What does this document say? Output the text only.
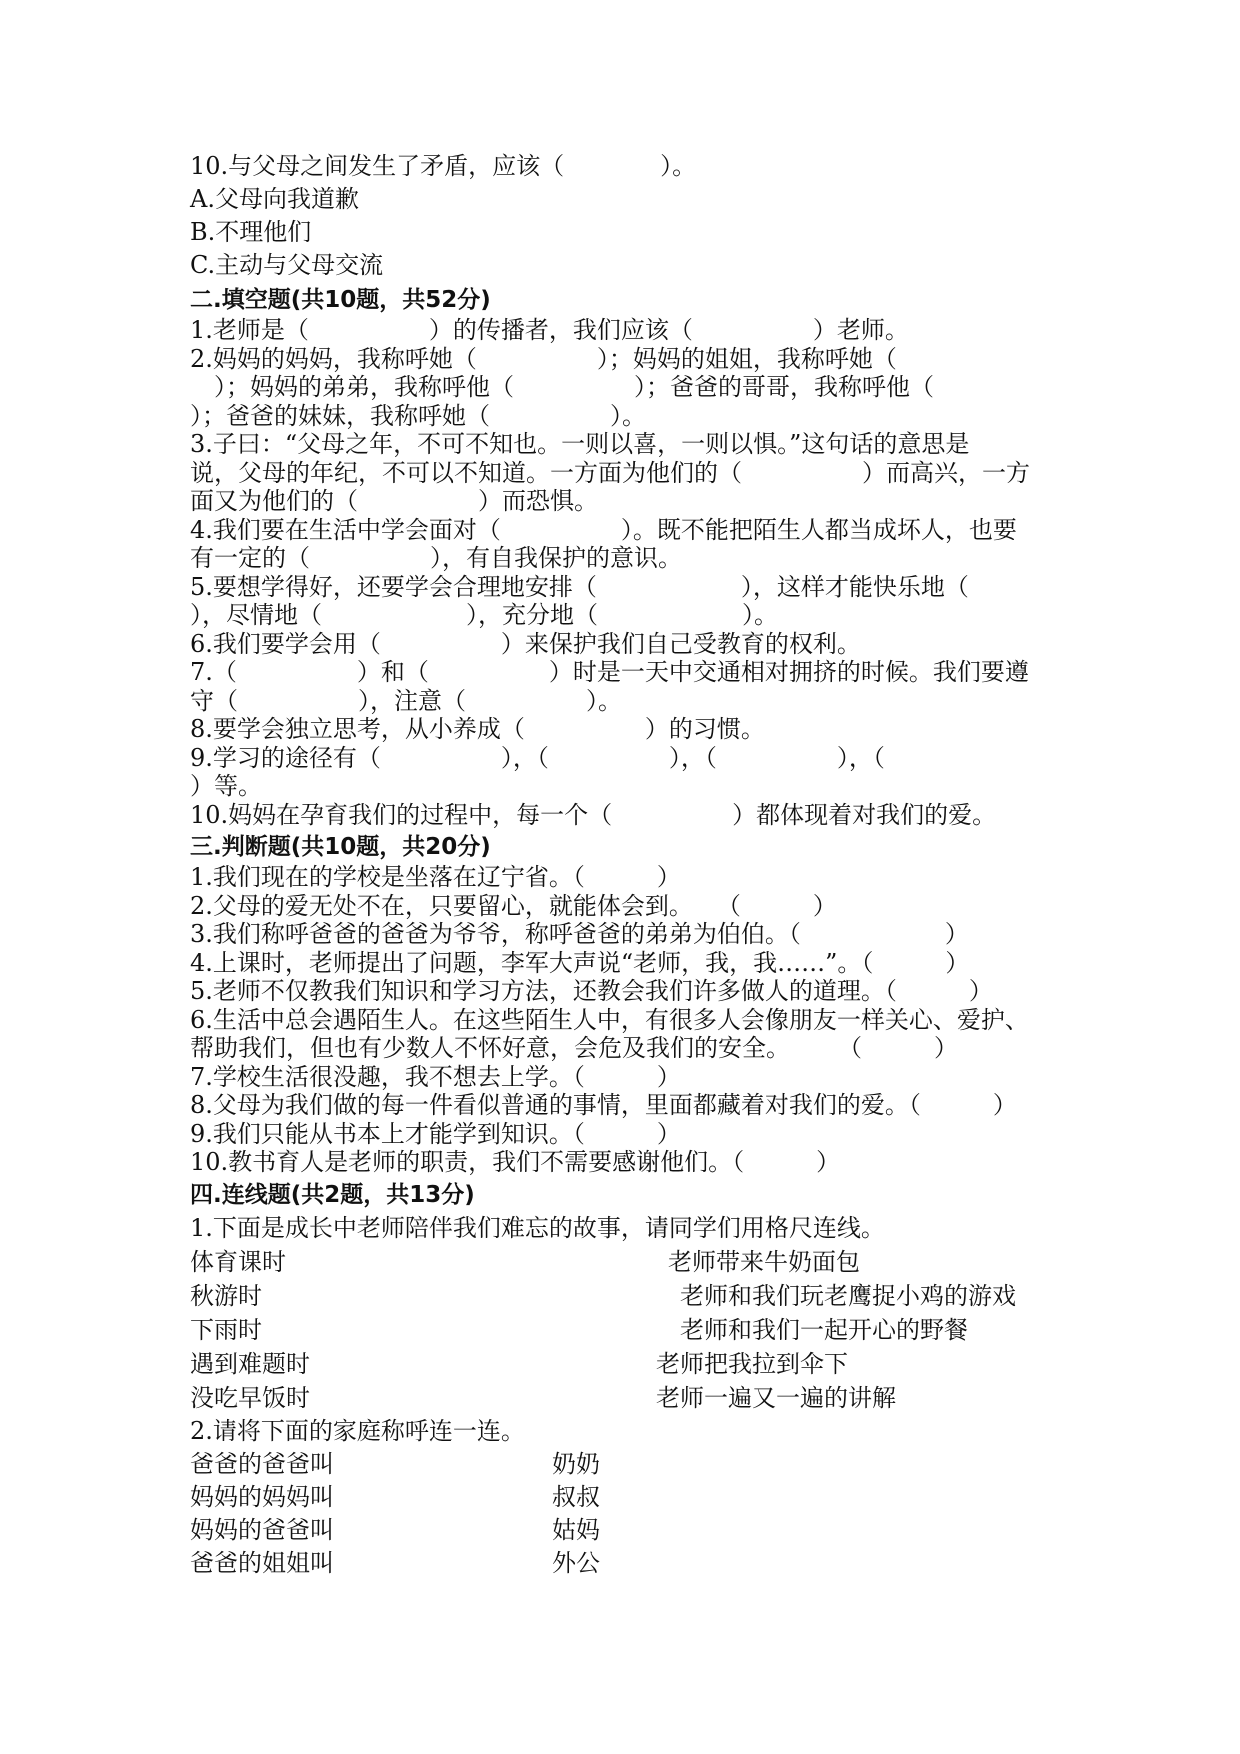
10.与父母之间发生了矛盾，应该（　　　　）。

A.父母向我道歉

B.不理他们

C.主动与父母交流

二.填空题(共10题，共52分)

1.老师是（　　　　　）的传播者，我们应该（　　　　　）老师。

2.妈妈的妈妈，我称呼她（　　　　　）；妈妈的姐姐，我称呼她（

　）；妈妈的弟弟，我称呼他（　　　　　）；爸爸的哥哥，我称呼他（

）；爸爸的妹妹，我称呼她（　　　　　）。

3.子曰：“父母之年，不可不知也。一则以喜，一则以惧。”这句话的意思是

说，父母的年纪，不可以不知道。一方面为他们的（　　　　　）而高兴，一方

面又为他们的（　　　　　）而恐惧。

4.我们要在生活中学会面对（　　　　　）。既不能把陌生人都当成坏人，也要

有一定的（　　　　　），有自我保护的意识。

5.要想学得好，还要学会合理地安排（　　　　　　），这样才能快乐地（

），尽情地（　　　　　　），充分地（　　　　　　）。

6.我们要学会用（　　　　　）来保护我们自己受教育的权利。

7.（　　　　　）和（　　　　　）时是一天中交通相对拥挤的时候。我们要遵

守（　　　　　），注意（　　　　　）。

8.要学会独立思考，从小养成（　　　　　）的习惯。

9.学习的途径有（　　　　　），（　　　　　），（　　　　　），（

）等。

10.妈妈在孕育我们的过程中，每一个（　　　　　）都体现着对我们的爱。

三.判断题(共10题，共20分)

1.我们现在的学校是坐落在辽宁省。（　　　）

2.父母的爱无处不在，只要留心，就能体会到。　　（　　　）

3.我们称呼爸爸的爸爸为爷爷，称呼爸爸的弟弟为伯伯。（　　　　　　）

4.上课时，老师提出了问题，李军大声说“老师，我，我……”。（　　　）

5.老师不仅教我们知识和学习方法，还教会我们许多做人的道理。（　　　）

6.生活中总会遇陌生人。在这些陌生人中，有很多人会像朋友一样关心、爱护、

帮助我们，但也有少数人不怀好意，会危及我们的安全。　　　（　　　）

7.学校生活很没趣，我不想去上学。（　　　）

8.父母为我们做的每一件看似普通的事情，里面都藏着对我们的爱。（　　　）

9.我们只能从书本上才能学到知识。（　　　）

10.教书育人是老师的职责，我们不需要感谢他们。（　　　）

四.连线题(共2题，共13分)

1.下面是成长中老师陪伴我们难忘的故事，请同学们用格尺连线。

体育课时	老师带来牛奶面包
秋游时	老师和我们玩老鹰捉小鸡的游戏
下雨时	老师和我们一起开心的野餐
遇到难题时	老师把我拉到伞下
没吃早饭时	老师一遍又一遍的讲解

2.请将下面的家庭称呼连一连。

爸爸的爸爸叫	奶奶
妈妈的妈妈叫	叔叔
妈妈的爸爸叫	姑妈
爸爸的姐姐叫	外公
